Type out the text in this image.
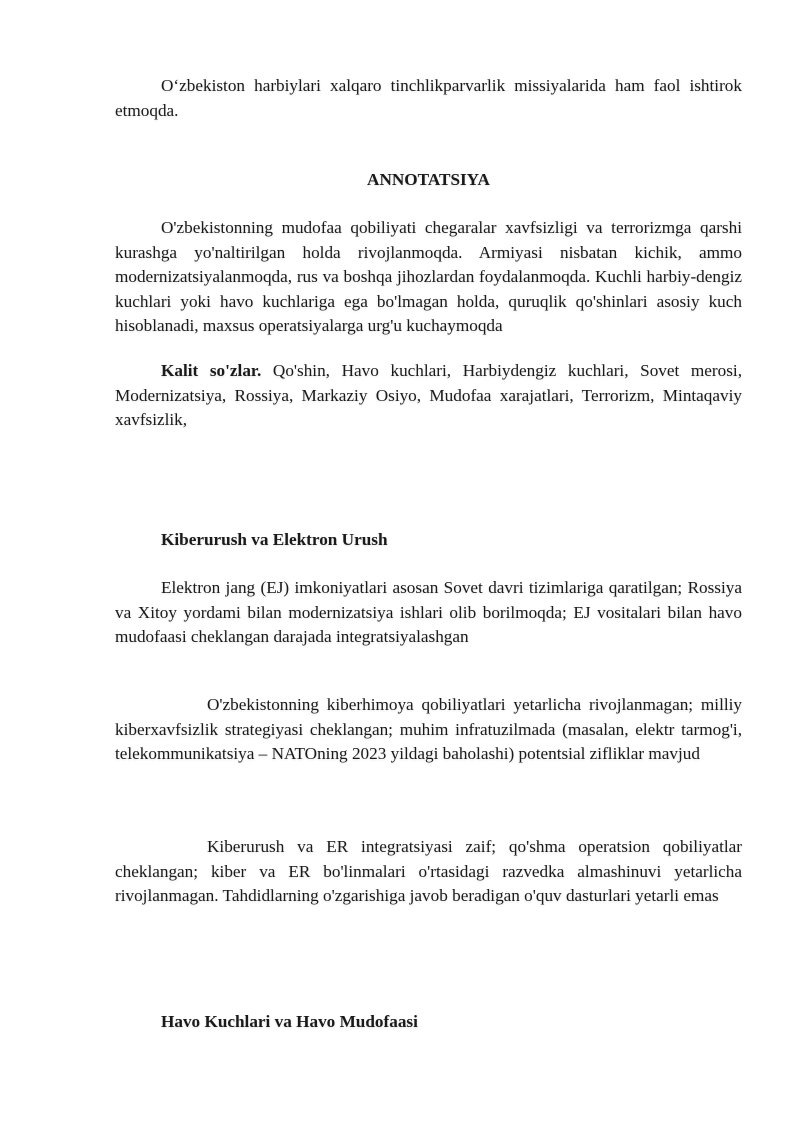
O‘zbekiston harbiylari xalqaro tinchlikparvarlik missiyalarida ham faol ishtirok etmoqda.

ANNOTATSIYA

O'zbekistonning mudofaa qobiliyati chegaralar xavfsizligi va terrorizmga qarshi kurashga yo'naltirilgan holda rivojlanmoqda. Armiyasi nisbatan kichik, ammo modernizatsiyalanmoqda, rus va boshqa jihozlardan foydalanmoqda. Kuchli harbiy-dengiz kuchlari yoki havo kuchlariga ega bo'lmagan holda, quruqlik qo'shinlari asosiy kuch hisoblanadi, maxsus operatsiyalarga urg'u kuchaymoqda

Kalit so'zlar. Qo'shin, Havo kuchlari, Harbiydengiz kuchlari, Sovet merosi, Modernizatsiya, Rossiya, Markaziy Osiyo, Mudofaa xarajatlari, Terrorizm, Mintaqaviy xavfsizlik,

Kiberurush va Elektron Urush

Elektron jang (EJ) imkoniyatlari asosan Sovet davri tizimlariga qaratilgan; Rossiya va Xitoy yordami bilan modernizatsiya ishlari olib borilmoqda; EJ vositalari bilan havo mudofaasi cheklangan darajada integratsiyalashgan

O'zbekistonning kiberhimoya qobiliyatlari yetarlicha rivojlanmagan; milliy kiberxavfsizlik strategiyasi cheklangan; muhim infratuzilmada (masalan, elektr tarmog'i, telekommunikatsiya – NATOning 2023 yildagi baholashi) potentsial zifliklar mavjud

Kiberurush va ER integratsiyasi zaif; qo'shma operatsion qobiliyatlar cheklangan; kiber va ER bo'linmalari o'rtasidagi razvedka almashinuvi yetarlicha rivojlanmagan. Tahdidlarning o'zgarishiga javob beradigan o'quv dasturlari yetarli emas

Havo Kuchlari va Havo Mudofaasi
